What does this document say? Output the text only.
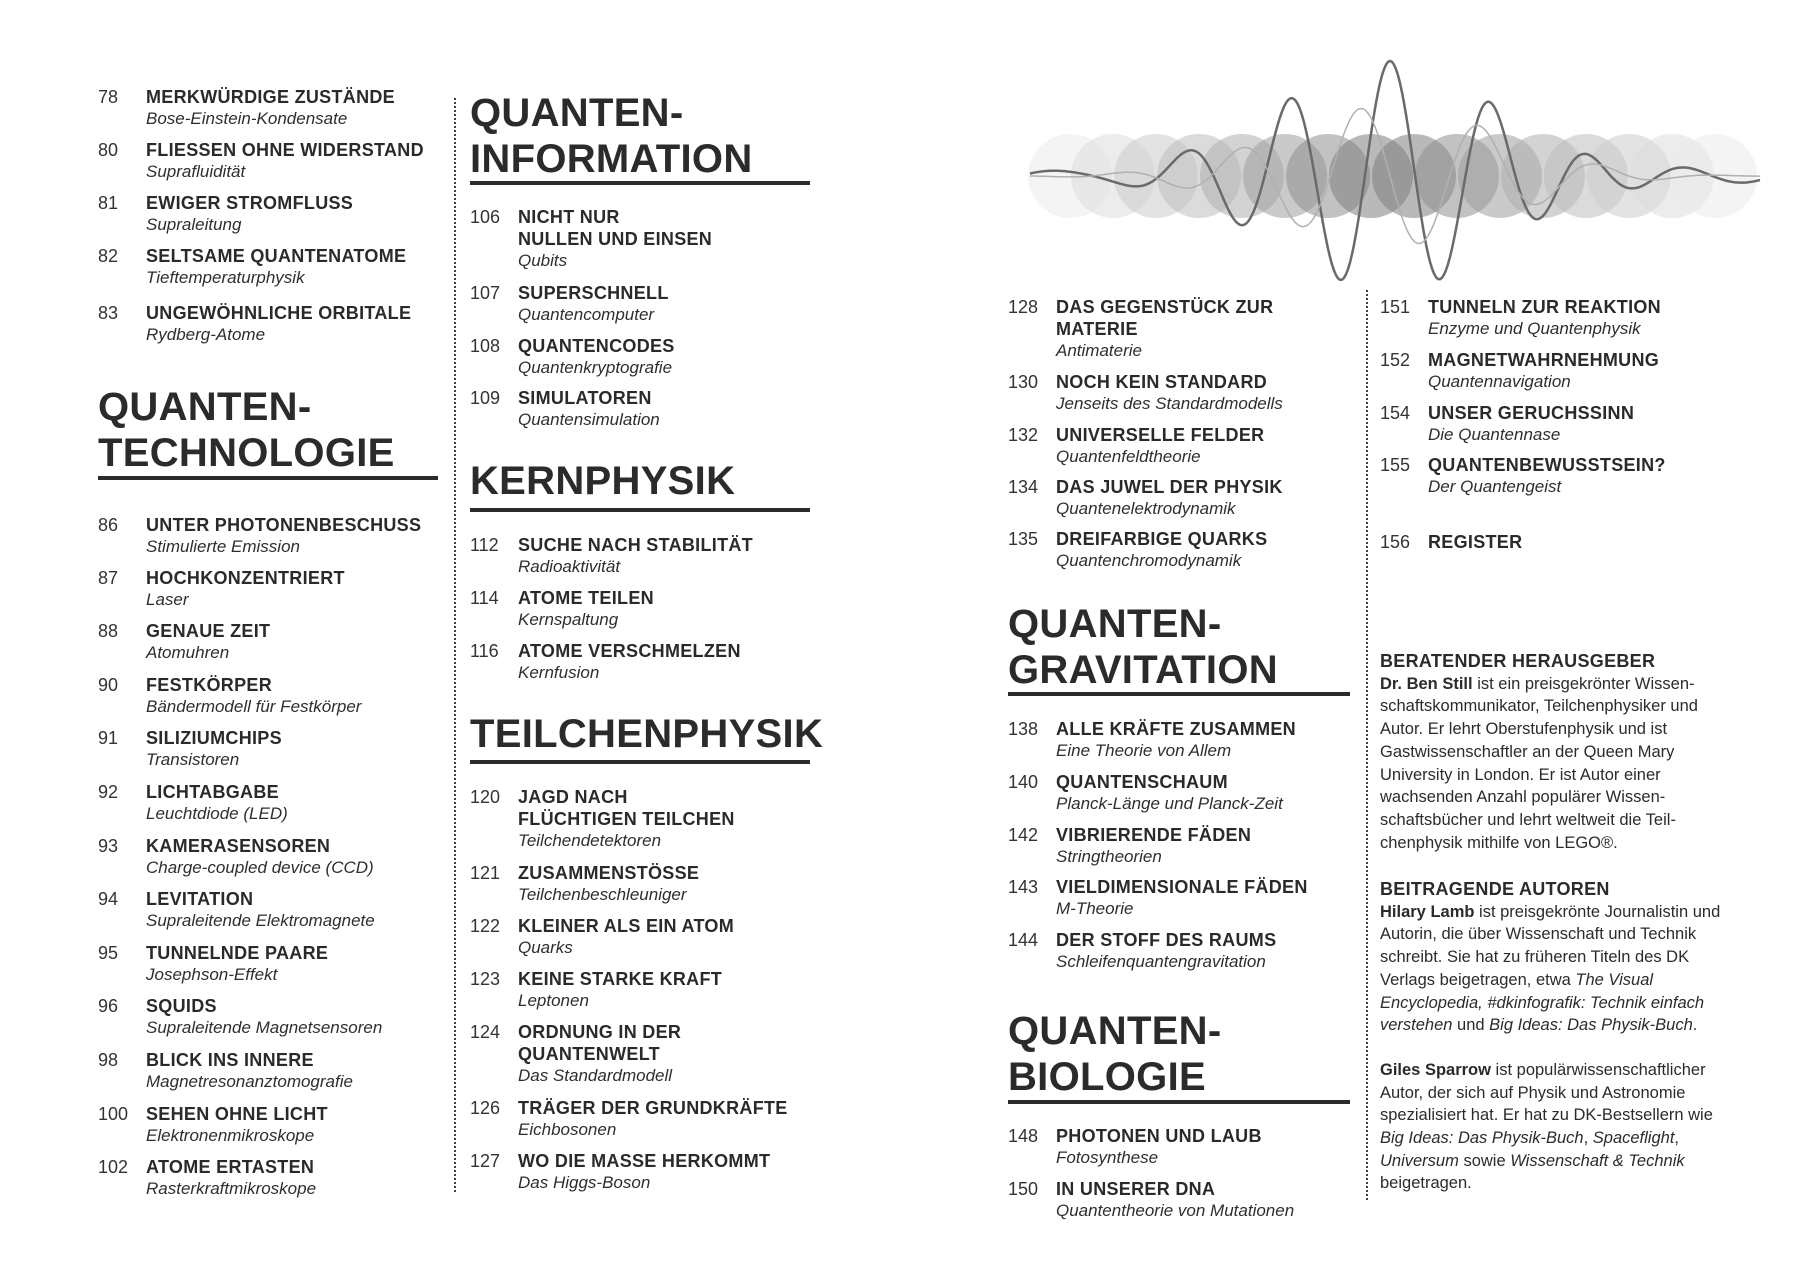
78 MERKWÜRDIGE ZUSTÄNDE
Bose-Einstein-Kondensate
80 FLIESSEN OHNE WIDERSTAND
Suprafluidität
81 EWIGER STROMFLUSS
Supraleitung
82 SELTSAME QUANTENATOME
Tieftemperaturphysik
83 UNGEWÖHNLICHE ORBITALE
Rydberg-Atome
86 UNTER PHOTONENBESCHUSS
Stimulierte Emission
87 HOCHKONZENTRIERT
Laser
88 GENAUE ZEIT
Atomuhren
90 FESTKÖRPER
Bändermodell für Festkörper
91 SILIZIUMCHIPS
Transistoren
92 LICHTABGABE
Leuchtdiode (LED)
93 KAMERASENSOREN
Charge-coupled device (CCD)
94 LEVITATION
Supraleitende Elektromagnete
95 TUNNELNDE PAARE
Josephson-Effekt
96 SQUIDS
Supraleitende Magnetsensoren
98 BLICK INS INNERE
Magnetresonanztomografie
100 SEHEN OHNE LICHT
Elektronenmikroskope
102 ATOME ERTASTEN
Rasterkraftmikroskope
QUANTEN-
TECHNOLOGIE
QUANTEN-
INFORMATION
KERNPHYSIK
TEILCHENPHYSIK
106 NICHT NUR
NULLEN UND EINSEN
Qubits
107 SUPERSCHNELL
Quantencomputer
108 QUANTENCODES
Quantenkryptografie
109 SIMULATOREN
Quantensimulation
112 SUCHE NACH STABILITÄT
Radioaktivität
114 ATOME TEILEN
Kernspaltung
116 ATOME VERSCHMELZEN
Kernfusion
120 JAGD NACH
FLÜCHTIGEN TEILCHEN
Teilchendetektoren
121 ZUSAMMENSTÖSSE
Teilchenbeschleuniger
122 KLEINER ALS EIN ATOM
Quarks
123 KEINE STARKE KRAFT
Leptonen
124 ORDNUNG IN DER
QUANTENWELT
Das Standardmodell
126 TRÄGER DER GRUNDKRÄFTE
Eichbosonen
127 WO DIE MASSE HERKOMMT
Das Higgs-Boson
128 DAS GEGENSTÜCK ZUR
MATERIE
Antimaterie
130 NOCH KEIN STANDARD
Jenseits des Standardmodells
132 UNIVERSELLE FELDER
Quantenfeldtheorie
134 DAS JUWEL DER PHYSIK
Quantenelektrodynamik
135 DREIFARBIGE QUARKS
Quantenchromodynamik
138 ALLE KRÄFTE ZUSAMMEN
Eine Theorie von Allem
140 QUANTENSCHAUM
Planck-Länge und Planck-Zeit
142 VIBRIERENDE FÄDEN
Stringtheorien
143 VIELDIMENSIONALE FÄDEN
M-Theorie
144 DER STOFF DES RAUMS
Schleifenquantengravitation
148 PHOTONEN UND LAUB
Fotosynthese
150 IN UNSERER DNA
Quantentheorie von Mutationen
QUANTEN-
GRAVITATION
QUANTEN-
BIOLOGIE
151 TUNNELN ZUR REAKTION
Enzyme und Quantenphysik
152 MAGNETWAHRNEHMUNG
Quantennavigation
154 UNSER GERUCHSSINN
Die Quantennase
155 QUANTENBEWUSSTSEIN?
Der Quantengeist
156 REGISTER
BERATENDER HERAUSGEBER

Dr. Ben Still ist ein preisgekrönter Wissenschaftskommunikator, Teilchenphysiker und Autor. Er lehrt Oberstufenphysik und ist Gastwissenschaftler an der Queen Mary University in London. Er ist Autor einer wachsenden Anzahl populärer Wissenschaftsbücher und lehrt weltweit die Teilchenphysik mithilfe von LEGO®.

BEITRAGENDE AUTOREN

Hilary Lamb ist preisgekrönte Journalistin und Autorin, die über Wissenschaft und Technik schreibt. Sie hat zu früheren Titeln des DK Verlags beigetragen, etwa The Visual Encyclopedia, #dkinfografik: Technik einfach verstehen und Big Ideas: Das Physik-Buch.

Giles Sparrow ist populärwissenschaftlicher Autor, der sich auf Physik und Astronomie spezialisiert hat. Er hat zu DK-Bestsellern wie Big Ideas: Das Physik-Buch, Spaceflight, Universum sowie Wissenschaft & Technik beigetragen.
